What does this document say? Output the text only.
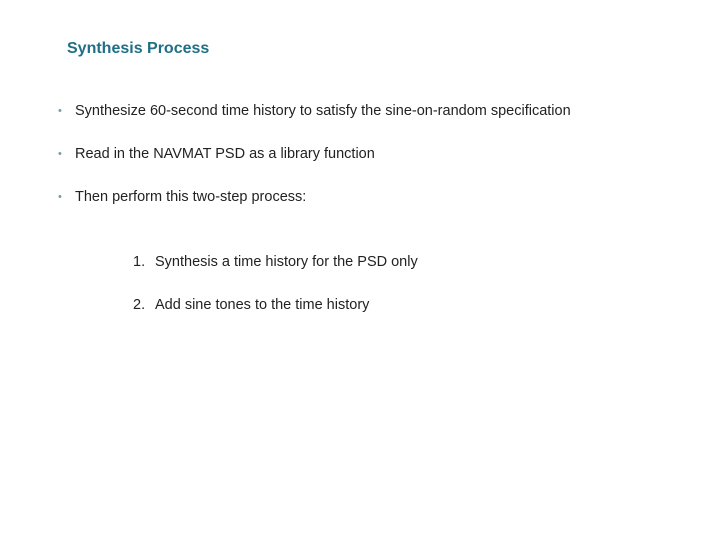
Synthesis Process
• Synthesize 60-second time history to satisfy the sine-on-random specification
• Read in the NAVMAT PSD as a library function
• Then perform this two-step process:
1. Synthesis a time history for the PSD only
2. Add sine tones to the time history
